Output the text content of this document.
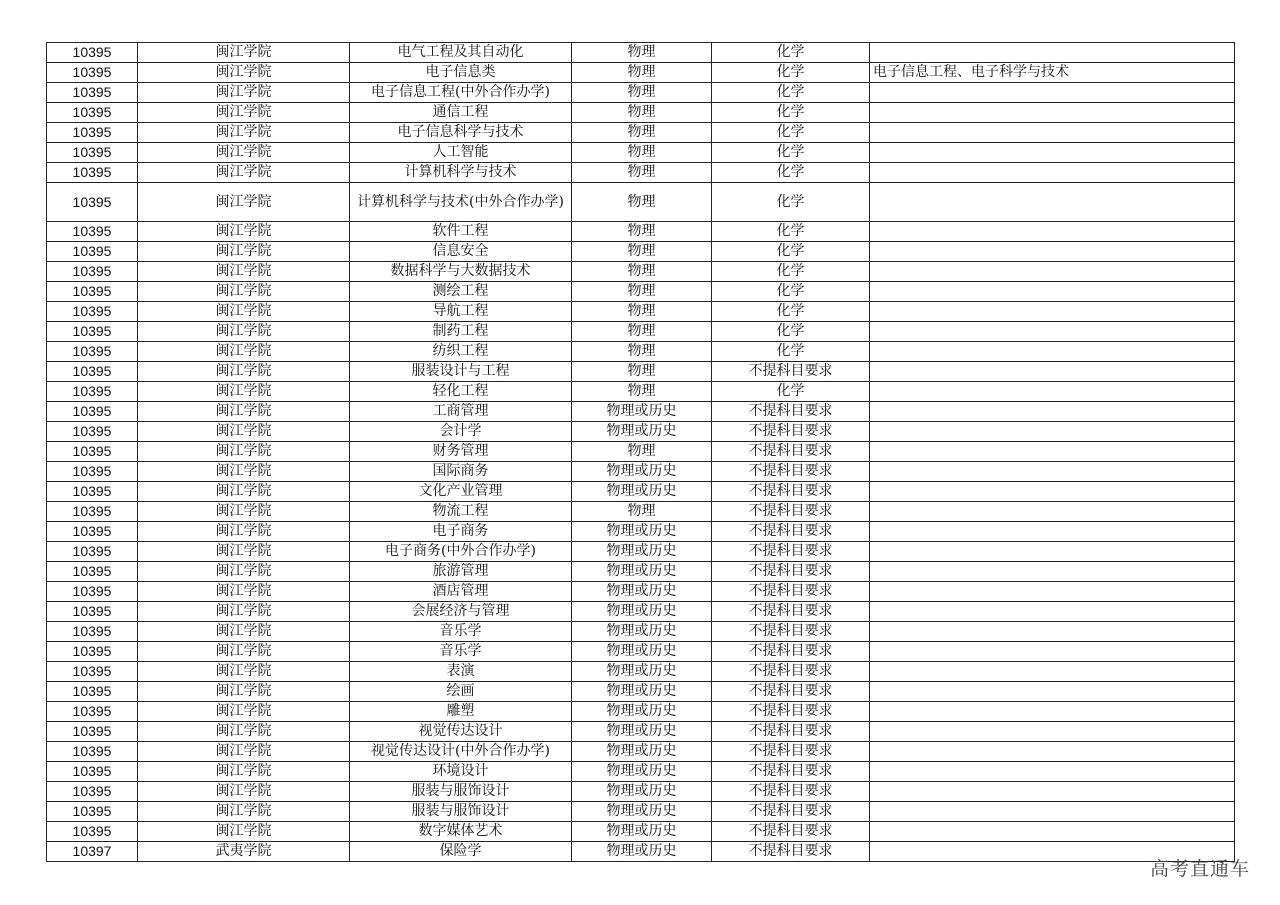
10395	闽江学院	电气工程及其自动化	物理	化学	
10395	闽江学院	电子信息类	物理	化学	电子信息工程、电子科学与技术
10395	闽江学院	电子信息工程(中外合作办学)	物理	化学	
10395	闽江学院	通信工程	物理	化学	
10395	闽江学院	电子信息科学与技术	物理	化学	
10395	闽江学院	人工智能	物理	化学	
10395	闽江学院	计算机科学与技术	物理	化学	
10395	闽江学院	计算机科学与技术(中外合作办学)	物理	化学	
10395	闽江学院	软件工程	物理	化学	
10395	闽江学院	信息安全	物理	化学	
10395	闽江学院	数据科学与大数据技术	物理	化学	
10395	闽江学院	测绘工程	物理	化学	
10395	闽江学院	导航工程	物理	化学	
10395	闽江学院	制药工程	物理	化学	
10395	闽江学院	纺织工程	物理	化学	
10395	闽江学院	服装设计与工程	物理	不提科目要求	
10395	闽江学院	轻化工程	物理	化学	
10395	闽江学院	工商管理	物理或历史	不提科目要求	
10395	闽江学院	会计学	物理或历史	不提科目要求	
10395	闽江学院	财务管理	物理	不提科目要求	
10395	闽江学院	国际商务	物理或历史	不提科目要求	
10395	闽江学院	文化产业管理	物理或历史	不提科目要求	
10395	闽江学院	物流工程	物理	不提科目要求	
10395	闽江学院	电子商务	物理或历史	不提科目要求	
10395	闽江学院	电子商务(中外合作办学)	物理或历史	不提科目要求	
10395	闽江学院	旅游管理	物理或历史	不提科目要求	
10395	闽江学院	酒店管理	物理或历史	不提科目要求	
10395	闽江学院	会展经济与管理	物理或历史	不提科目要求	
10395	闽江学院	音乐学	物理或历史	不提科目要求	
10395	闽江学院	音乐学	物理或历史	不提科目要求	
10395	闽江学院	表演	物理或历史	不提科目要求	
10395	闽江学院	绘画	物理或历史	不提科目要求	
10395	闽江学院	雕塑	物理或历史	不提科目要求	
10395	闽江学院	视觉传达设计	物理或历史	不提科目要求	
10395	闽江学院	视觉传达设计(中外合作办学)	物理或历史	不提科目要求	
10395	闽江学院	环境设计	物理或历史	不提科目要求	
10395	闽江学院	服装与服饰设计	物理或历史	不提科目要求	
10395	闽江学院	服装与服饰设计	物理或历史	不提科目要求	
10395	闽江学院	数字媒体艺术	物理或历史	不提科目要求	
10397	武夷学院	保险学	物理或历史	不提科目要求	
高考直通车
